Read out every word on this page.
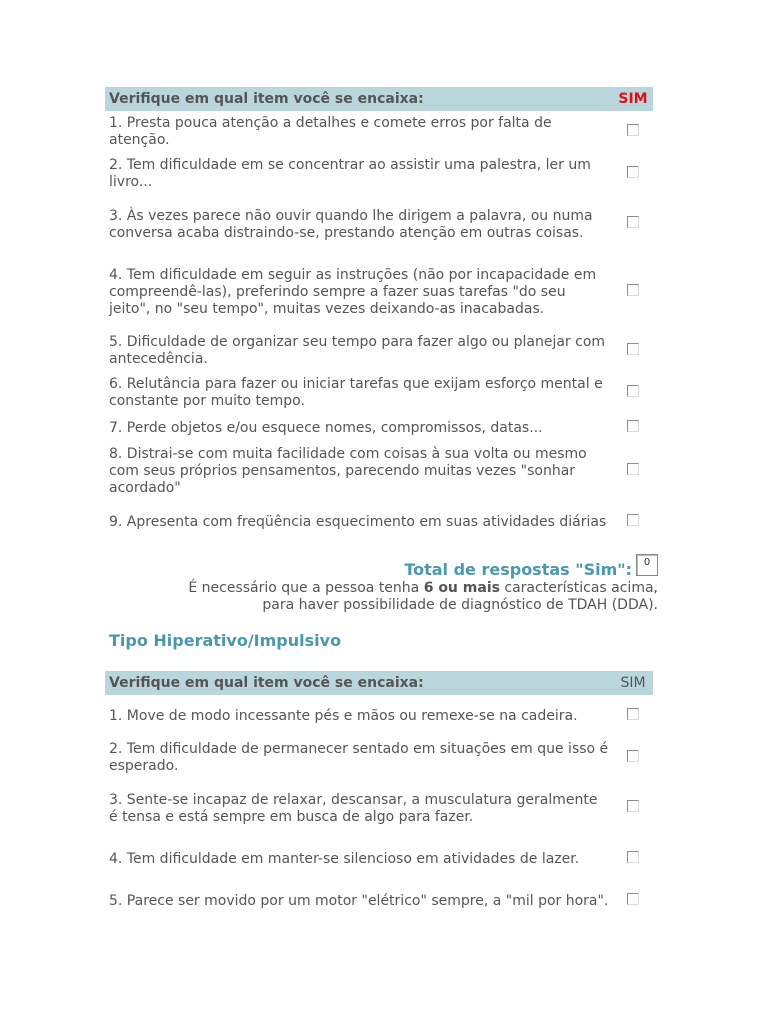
Verifique em qual item você se encaixa:	SIM
1. Presta pouca atenção a detalhes e comete erros por falta de atenção.	
2. Tem dificuldade em se concentrar ao assistir uma palestra, ler um livro...	
3. Às vezes parece não ouvir quando lhe dirigem a palavra, ou numa conversa acaba distraindo-se, prestando atenção em outras coisas.	
4. Tem dificuldade em seguir as instruções (não por incapacidade em compreendê-las), preferindo sempre a fazer suas tarefas "do seu jeito", no "seu tempo", muitas vezes deixando-as inacabadas.	
5. Dificuldade de organizar seu tempo para fazer algo ou planejar com antecedência.	
6. Relutância para fazer ou iniciar tarefas que exijam esforço mental e constante por muito tempo.	
7. Perde objetos e/ou esquece nomes, compromissos, datas...	
8. Distrai-se com muita facilidade com coisas à sua volta ou mesmo com seus próprios pensamentos, parecendo muitas vezes "sonhar acordado"	
9. Apresenta com freqüência esquecimento em suas atividades diárias	
Total de respostas "Sim":	0
É necessário que a pessoa tenha 6 ou mais características acima,
para haver possibilidade de diagnóstico de TDAH (DDA).
Tipo Hiperativo/Impulsivo
Verifique em qual item você se encaixa:	SIM
1. Move de modo incessante pés e mãos ou remexe-se na cadeira.	
2. Tem dificuldade de permanecer sentado em situações em que isso é esperado.	
3. Sente-se incapaz de relaxar, descansar, a musculatura geralmente é tensa e está sempre em busca de algo para fazer.	
4. Tem dificuldade em manter-se silencioso em atividades de lazer.	
5. Parece ser movido por um motor "elétrico" sempre, a "mil por hora".	
